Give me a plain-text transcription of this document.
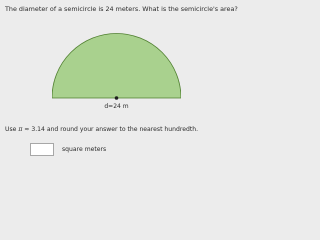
The diameter of a semicircle is 24 meters. What is the semicircle's area?
d=24 m
Use π ≈ 3.14 and round your answer to the nearest hundredth.
square meters
